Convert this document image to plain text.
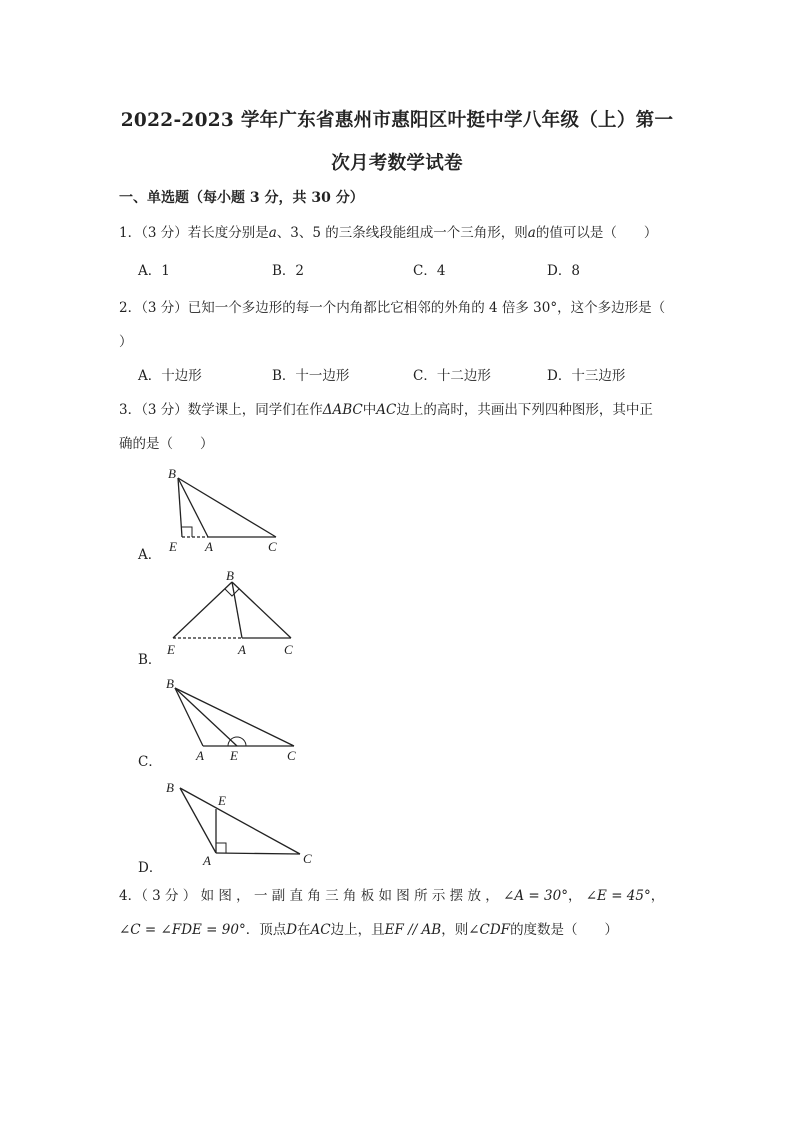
2022-2023 学年广东省惠州市惠阳区叶挺中学八年级（上）第一
次月考数学试卷
一、单选题（每小题 3 分，共 30 分）
1．（3 分）若长度分别是a、3、5 的三条线段能组成一个三角形，则a的值可以是（　　）
A．1	B．2	C．4	D．8
2．（3 分）已知一个多边形的每一个内角都比它相邻的外角的 4 倍多 30°，这个多边形是（
）
A．十边形	B．十一边形	C．十二边形	D．十三边形
3．（3 分）数学课上，同学们在作ΔABC中AC边上的高时，共画出下列四种图形，其中正
确的是（　　）
A．
B
E A	C
B．
B
E	A	C
C．
B
A E	C
D．
B
E
A	C
4．（ 3 分 ） 如 图 ， 一 副 直 角 三 角 板 如 图 所 示 摆 放 ， ∠A = 30°， ∠E = 45°，
∠C = ∠FDE = 90°．顶点D在AC边上，且EF // AB，则∠CDF的度数是（　　）
